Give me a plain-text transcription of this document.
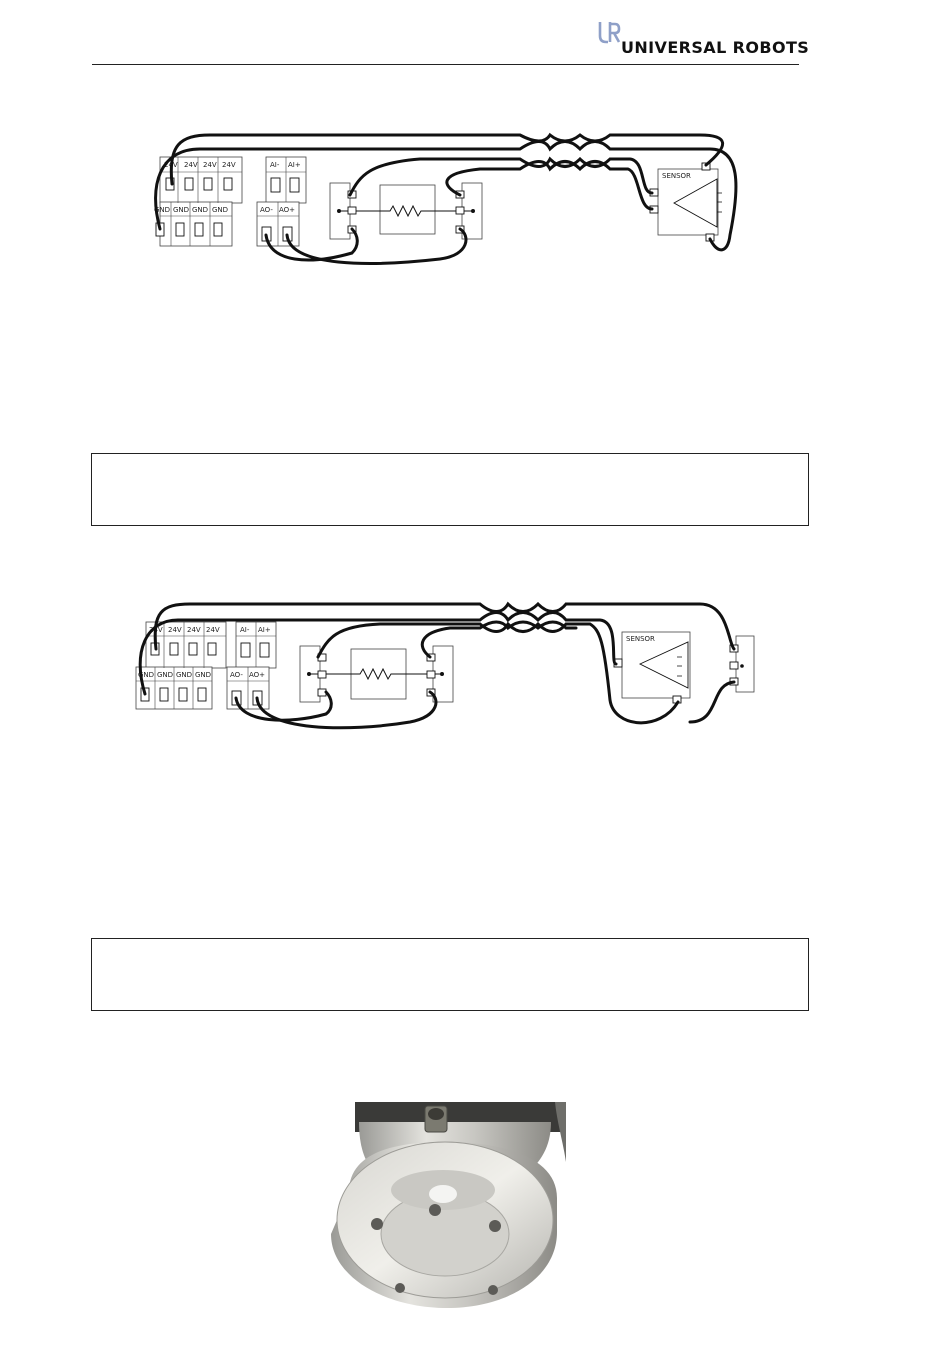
UNIVERSAL ROBOTS
24V 24V 24V 24V
GND GND GND GND
AI- AI+
AO- AO+
SENSOR
24V 24V 24V 24V
GND GND GND GND
AI- AI+
AO- AO+
SENSOR
